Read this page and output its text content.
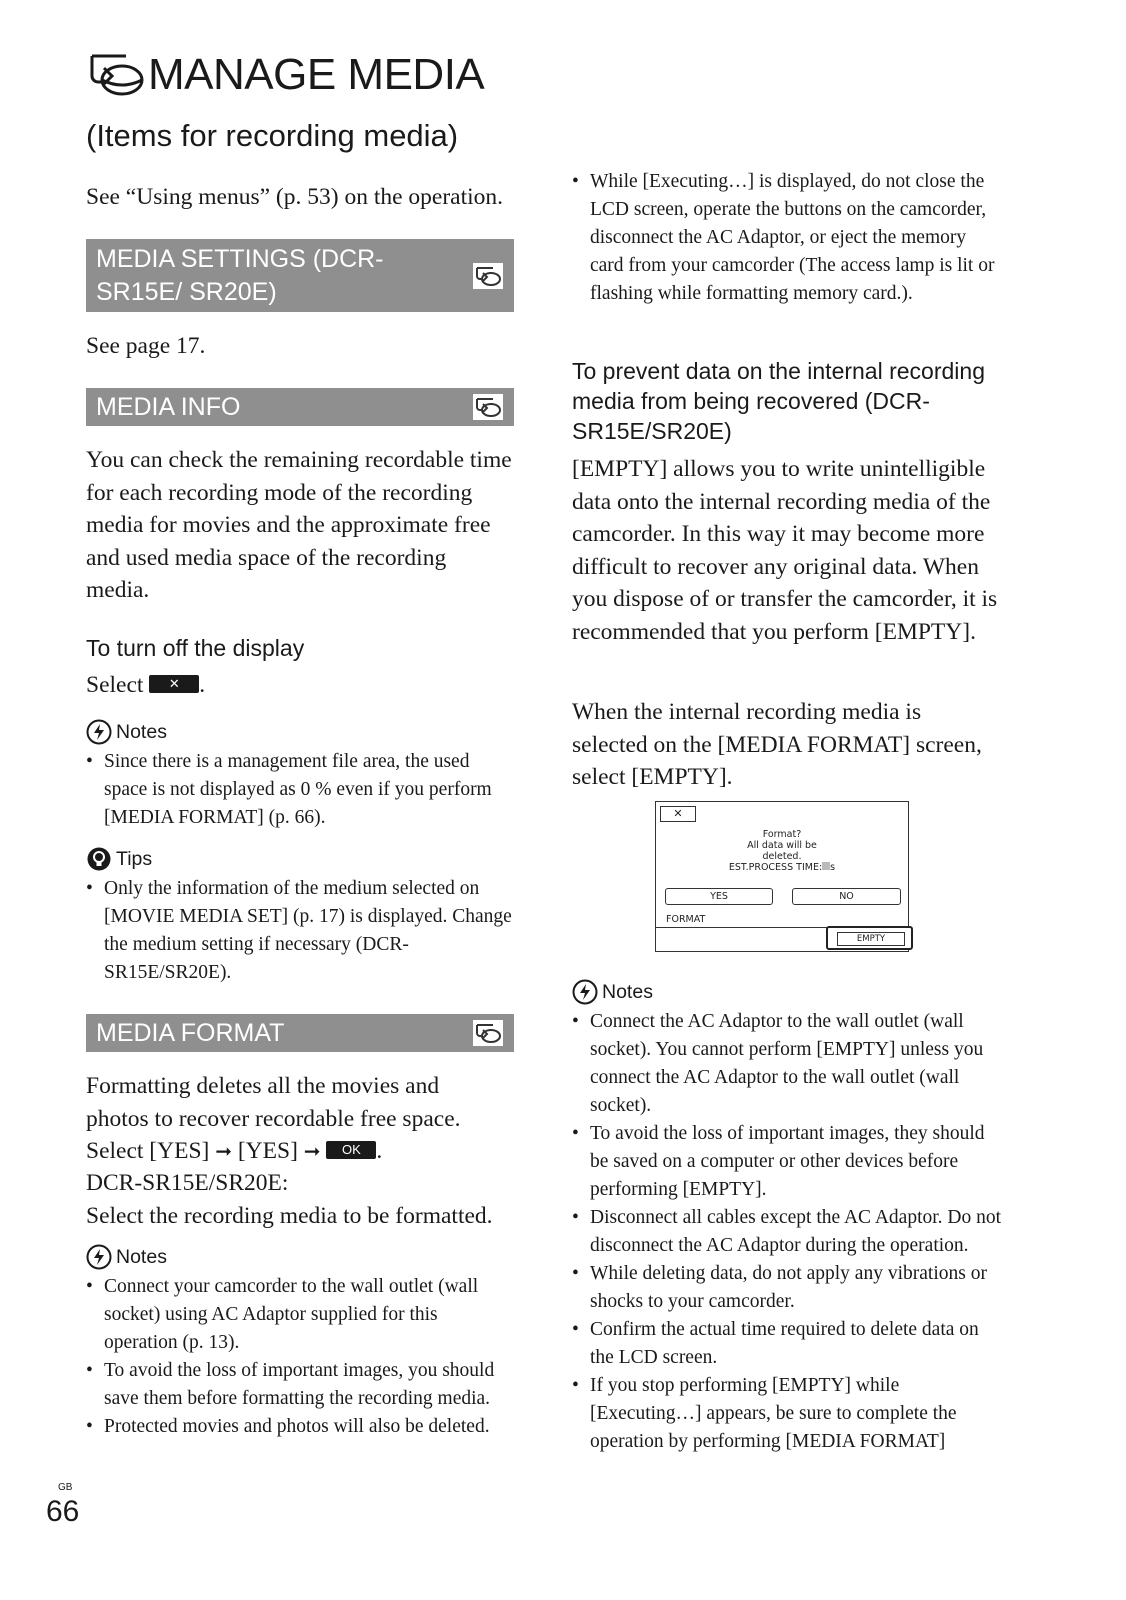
MANAGE MEDIA

(Items for recording media)

See “Using menus” (p. 53) on the operation.

MEDIA SETTINGS (DCR-SR15E/ SR20E)

See page 17.

MEDIA INFO

You can check the remaining recordable time for each recording mode of the recording media for movies and the approximate free and used media space of the recording media.

To turn off the display

Select ✕ .

Notes
• Since there is a management file area, the used space is not displayed as 0 % even if you perform [MEDIA FORMAT] (p. 66).
Tips
• Only the information of the medium selected on [MOVIE MEDIA SET] (p. 17) is displayed. Change the medium setting if necessary (DCR-SR15E/SR20E).
MEDIA FORMAT

Formatting deletes all the movies and photos to recover recordable free space.

Select [YES] ➞ [YES] ➞ OK .

DCR-SR15E/SR20E:

Select the recording media to be formatted.

Notes
• Connect your camcorder to the wall outlet (wall socket) using AC Adaptor supplied for this operation (p. 13).
• To avoid the loss of important images, you should save them before formatting the recording media.
• Protected movies and photos will also be deleted.
• While [Executing…] is displayed, do not close the LCD screen, operate the buttons on the camcorder, disconnect the AC Adaptor, or eject the memory card from your camcorder (The access lamp is lit or flashing while formatting memory card.).

To prevent data on the internal recording media from being recovered (DCR-SR15E/SR20E)

[EMPTY] allows you to write unintelligible data onto the internal recording media of the camcorder. In this way it may become more difficult to recover any original data. When you dispose of or transfer the camcorder, it is recommended that you perform [EMPTY].

When the internal recording media is selected on the [MEDIA FORMAT] screen, select [EMPTY].

✕
Format?
All data will be
deleted.
EST.PROCESS TIME: s
YES	NO
FORMAT
EMPTY
Notes
• Connect the AC Adaptor to the wall outlet (wall socket). You cannot perform [EMPTY] unless you connect the AC Adaptor to the wall outlet (wall socket).
• To avoid the loss of important images, they should be saved on a computer or other devices before performing [EMPTY].
• Disconnect all cables except the AC Adaptor. Do not disconnect the AC Adaptor during the operation.
• While deleting data, do not apply any vibrations or shocks to your camcorder.
• Confirm the actual time required to delete data on the LCD screen.
• If you stop performing [EMPTY] while [Executing…] appears, be sure to complete the operation by performing [MEDIA FORMAT]
GB
66
